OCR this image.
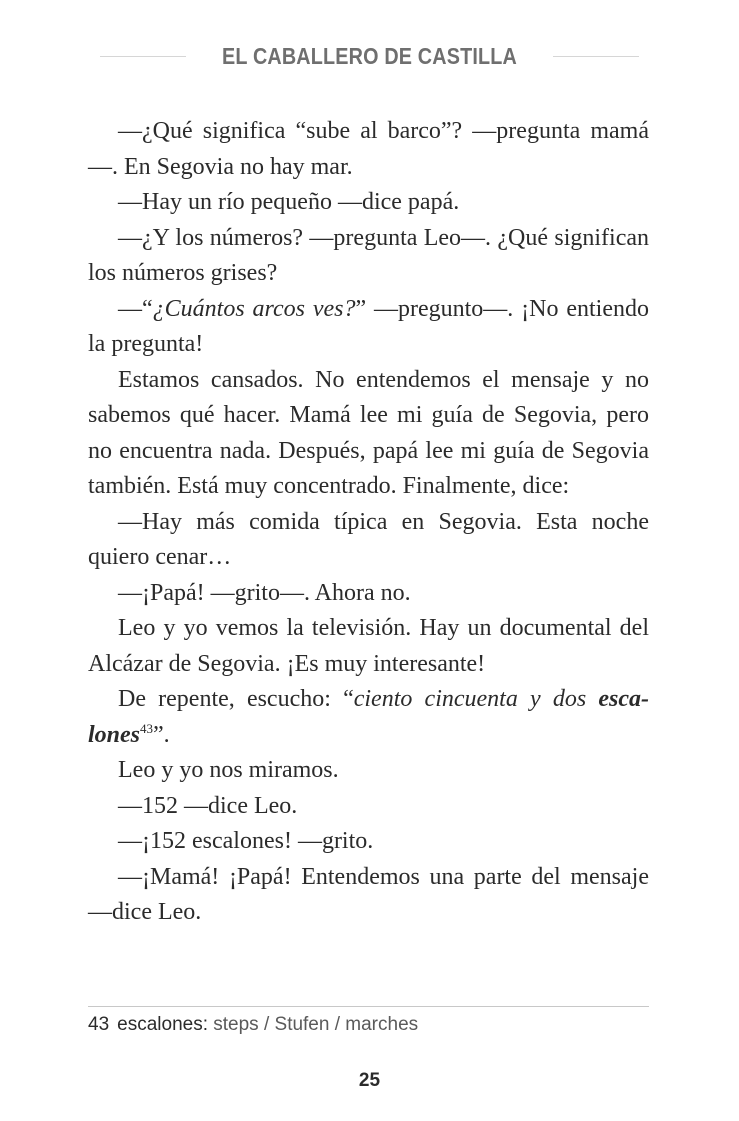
EL CABALLERO DE CASTILLA

—¿Qué significa “sube al barco”? —pregunta mamá—. En Segovia no hay mar.

—Hay un río pequeño —dice papá.

—¿Y los números? —pregunta Leo—. ¿Qué significan los números grises?

—“¿Cuántos arcos ves?” —pregunto—. ¡No entiendo la pregunta!

Estamos cansados. No entendemos el mensaje y no sabemos qué hacer. Mamá lee mi guía de Segovia, pero no encuentra nada. Después, papá lee mi guía de Segovia también. Está muy concentrado. Finalmente, dice:

—Hay más comida típica en Segovia. Esta noche quiero cenar…

—¡Papá! —grito—. Ahora no.

Leo y yo vemos la televisión. Hay un documental del Alcázar de Segovia. ¡Es muy interesante!

De repente, escucho: “ciento cincuenta y dos escalones$^{43}$”.

Leo y yo nos miramos.

—152 —dice Leo.

—¡152 escalones! —grito.

—¡Mamá! ¡Papá! Entendemos una parte del mensaje —dice Leo.

43 escalones: steps / Stufen / marches
25
